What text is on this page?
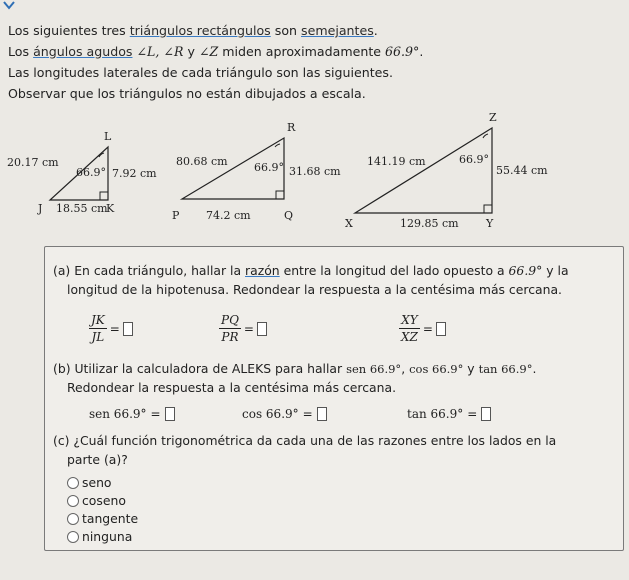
Los siguientes tres triángulos rectángulos son semejantes.
Los ángulos agudos ∠L, ∠R y ∠Z miden aproximadamente 66.9°.
Las longitudes laterales de cada triángulo son las siguientes.
Observar que los triángulos no están dibujados a escala.
L
J	K
20.17 cm
66.9° 7.92 cm
18.55 cm
R
P	Q
80.68 cm 66.9° 31.68 cm
74.2 cm
Z
X	Y
141.19 cm	66.9°
55.44 cm
129.85 cm
(a) En cada triángulo, hallar la razón entre la longitud del lado opuesto a 66.9° y la
longitud de la hipotenusa. Redondear la respuesta a la centésima más cercana.
$\frac{JK}{JL}$ =	$\frac{PQ}{PR}$ =	$\frac{XY}{XZ}$ =
(b) Utilizar la calculadora de ALEKS para hallar sen 66.9°, cos 66.9° y tan 66.9°.
Redondear la respuesta a la centésima más cercana.
sen 66.9° =	cos 66.9° =	tan 66.9° =
(c) ¿Cuál función trigonométrica da cada una de las razones entre los lados en la
parte (a)?
seno
coseno
tangente
ninguna
